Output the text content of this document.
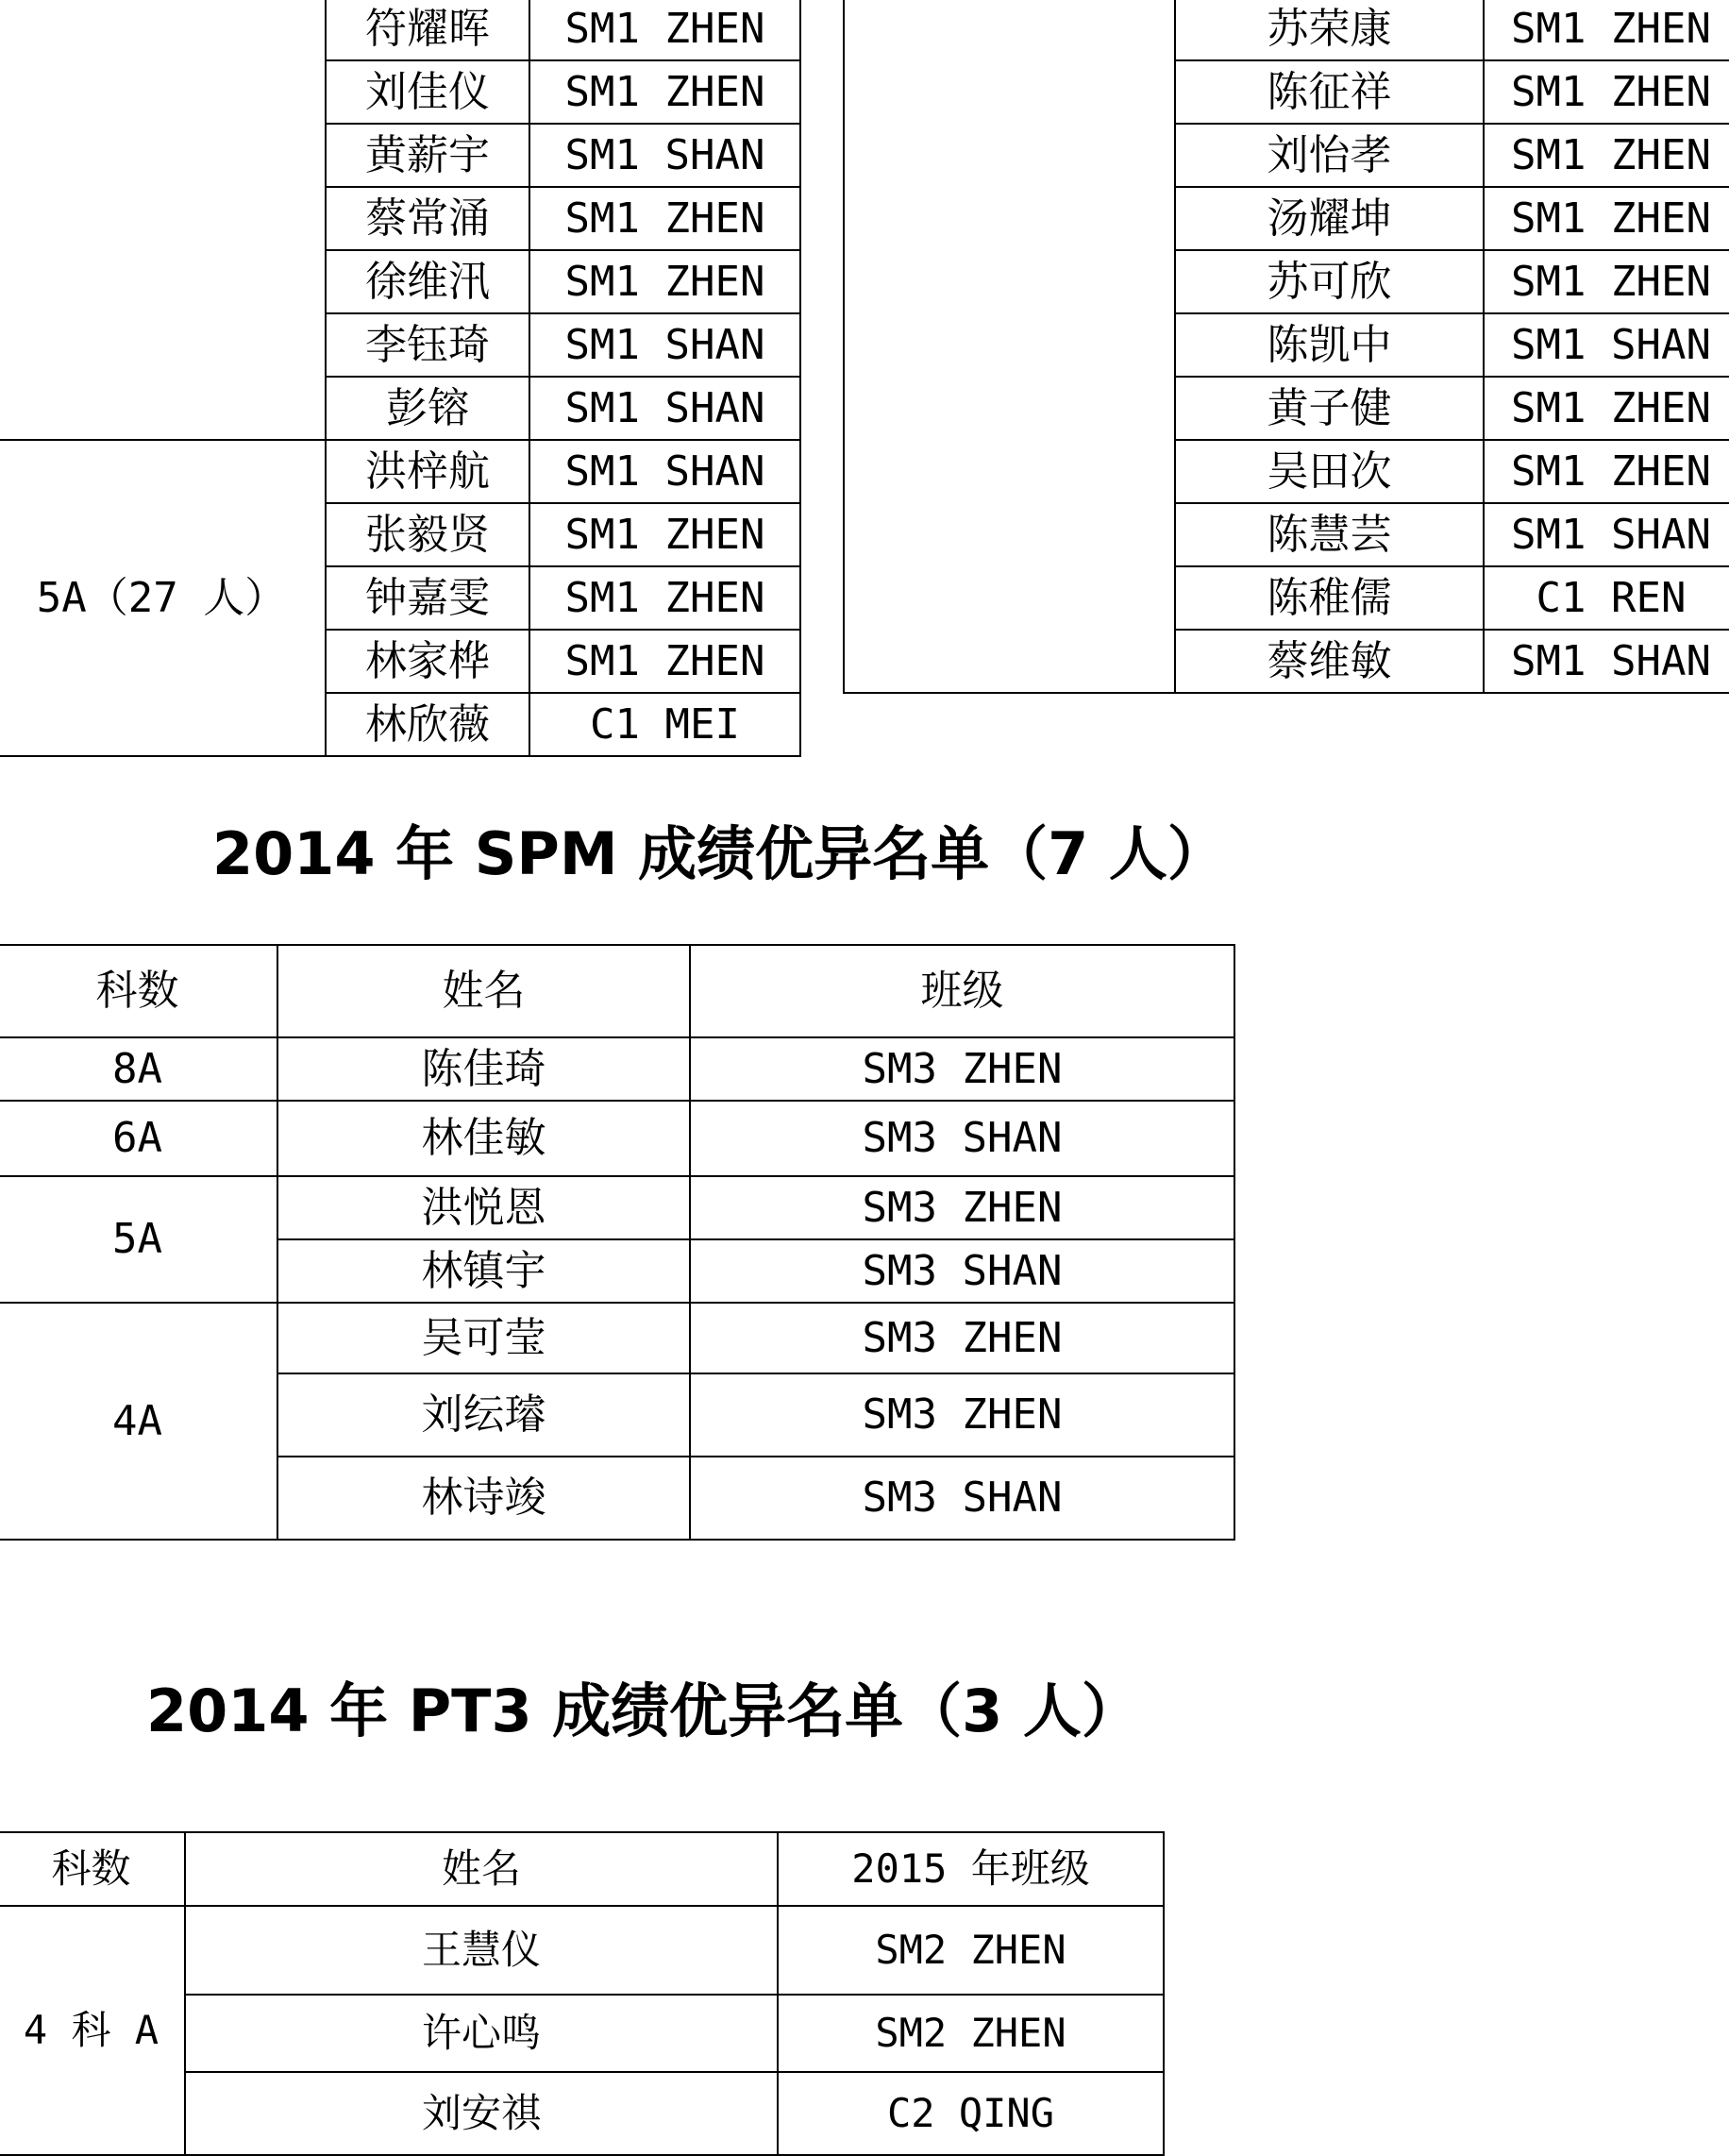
	符耀晖	SM1 ZHEN
	刘佳仪	SM1 ZHEN
	黄薪宇	SM1 SHAN
	蔡常涌	SM1 ZHEN
	徐维汛	SM1 ZHEN
	李钰琦	SM1 SHAN
	彭镕	SM1 SHAN
5A（27 人）	洪梓航	SM1 SHAN
	张毅贤	SM1 ZHEN
	钟嘉雯	SM1 ZHEN
	林家桦	SM1 ZHEN
	林欣薇	C1 MEI
	苏荣康	SM1 ZHEN
	陈征祥	SM1 ZHEN
	刘怡孝	SM1 ZHEN
	汤耀坤	SM1 ZHEN
	苏可欣	SM1 ZHEN
	陈凯中	SM1 SHAN
	黄子健	SM1 ZHEN
	吴田次	SM1 ZHEN
	陈慧芸	SM1 SHAN
	陈稚儒	C1 REN
	蔡维敏	SM1 SHAN
2014 年 SPM 成绩优异名单（7 人）
科数	姓名	班级
8A	陈佳琦	SM3 ZHEN
6A	林佳敏	SM3 SHAN
5A	洪悦恩	SM3 ZHEN
	林镇宇	SM3 SHAN
4A	吴可莹	SM3 ZHEN
	刘纭璿	SM3 ZHEN
	林诗竣	SM3 SHAN
2014 年 PT3 成绩优异名单（3 人）
科数	姓名	2015 年班级
4 科 A	王慧仪	SM2 ZHEN
	许心鸣	SM2 ZHEN
	刘安祺	C2 QING
